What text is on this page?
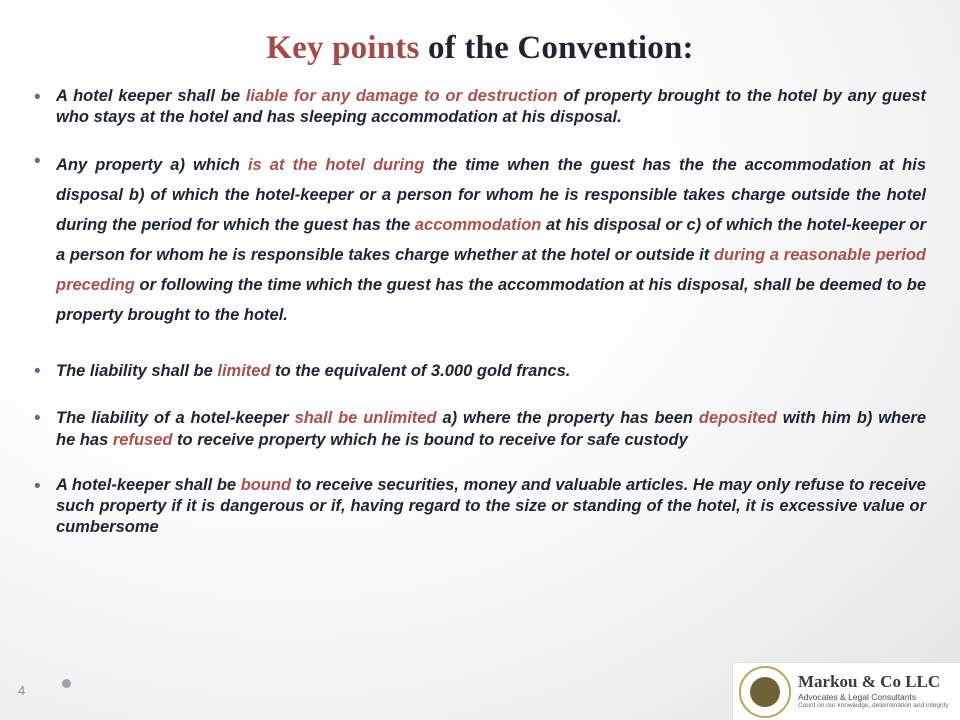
Key points of the Convention:
• A hotel keeper shall be liable for any damage to or destruction of property brought to the hotel by any guest who stays at the hotel and has sleeping accommodation at his disposal.
• Any property a) which is at the hotel during the time when the guest has the the accommodation at his disposal b) of which the hotel-keeper or a person for whom he is responsible takes charge outside the hotel during the period for which the guest has the accommodation at his disposal or c) of which the hotel-keeper or a person for whom he is responsible takes charge whether at the hotel or outside it during a reasonable period preceding or following the time which the guest has the accommodation at his disposal, shall be deemed to be property brought to the hotel.
• The liability shall be limited to the equivalent of 3.000 gold francs.
• The liability of a hotel-keeper shall be unlimited a) where the property has been deposited with him b) where he has refused to receive property which he is bound to receive for safe custody
• A hotel-keeper shall be bound to receive securities, money and valuable articles. He may only refuse to receive such property if it is dangerous or if, having regard to the size or standing of the hotel, it is excessive value or cumbersome
4	Markou & Co LLC
Advocates & Legal Consultants
Count on our knowledge, determination and integrity
